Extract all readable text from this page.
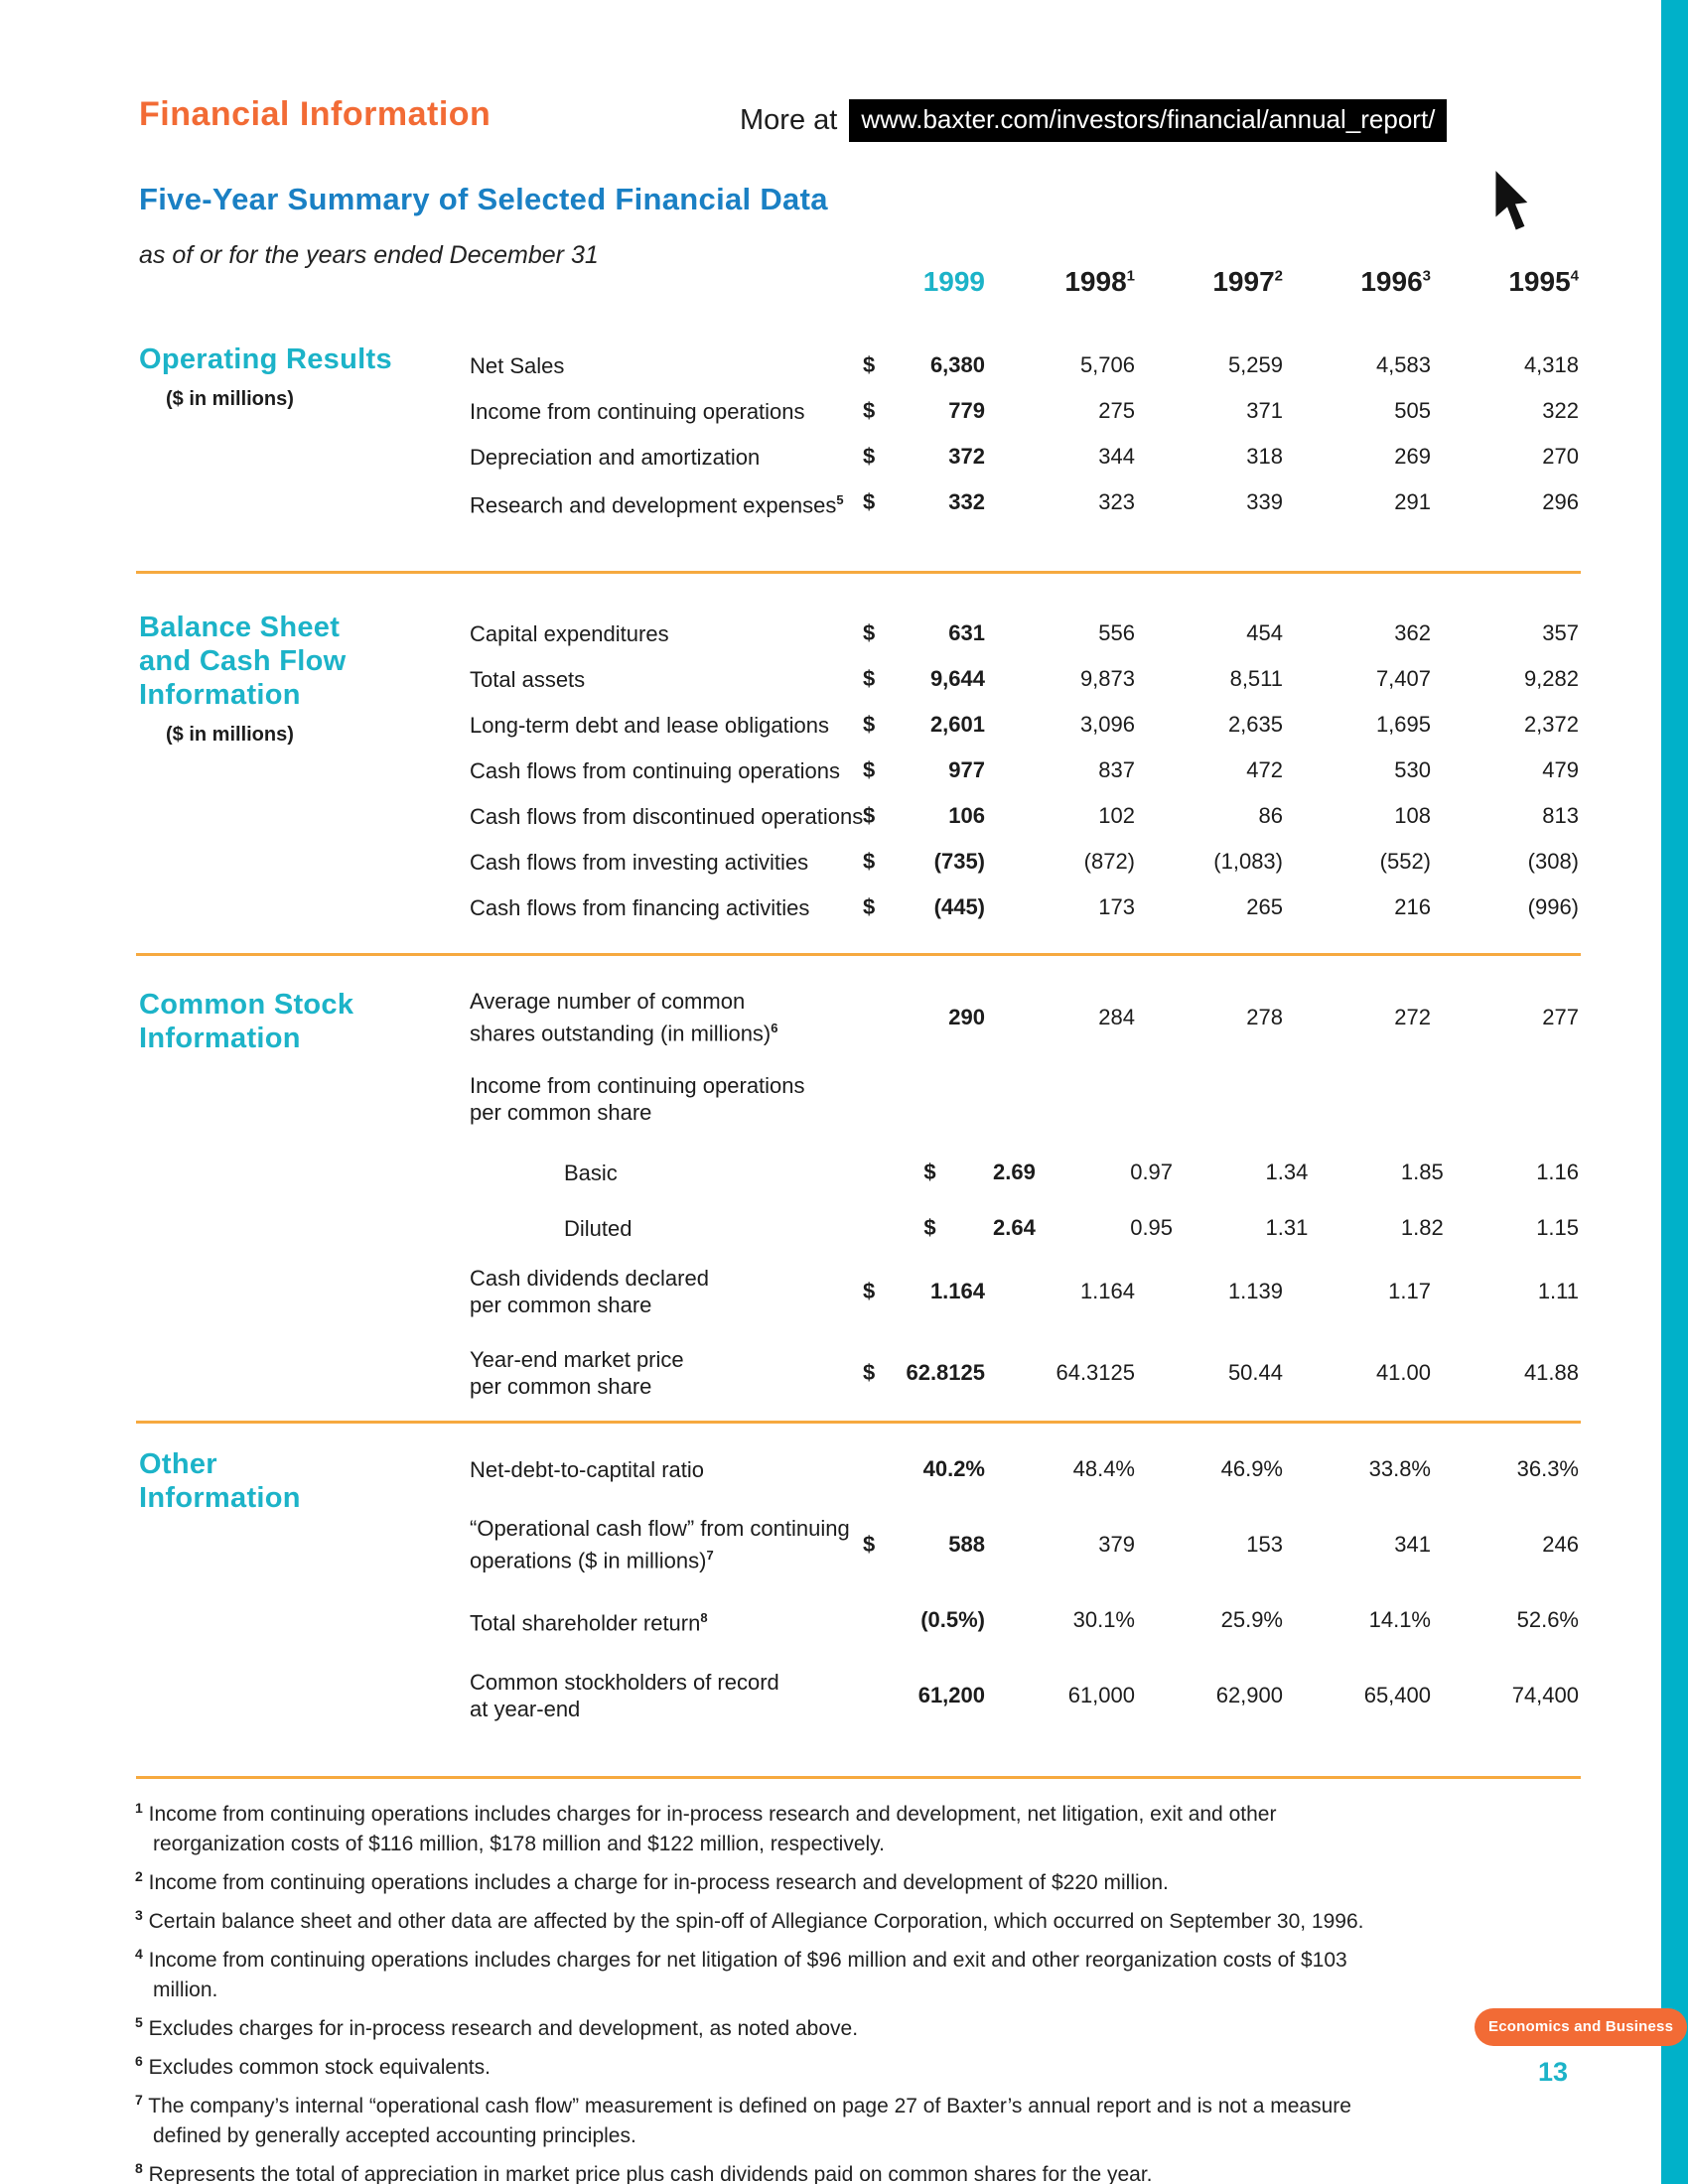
Financial Information	More at www.baxter.com/investors/financial/annual_report/
Five-Year Summary of Selected Financial Data
as of or for the years ended December 31
1999	1998$^1$	1997$^2$	1996$^3$	1995$^4$
Operating Results
($ in millions)
Net Sales	$	6,380	5,706	5,259	4,583	4,318
Income from continuing operations	$	779	275	371	505	322
Depreciation and amortization	$	372	344	318	269	270
Research and development expenses$^5$ $	332	323	339	291	296
Balance Sheet
and Cash Flow
Information
($ in millions)
Capital expenditures	$	631	556	454	362	357
Total assets	$	9,644	9,873	8,511	7,407	9,282
Long-term debt and lease obligations	$	2,601	3,096	2,635	1,695	2,372
Cash flows from continuing operations	$	977	837	472	530	479
Cash flows from discontinued operations $	106	102	86	108	813
Cash flows from investing activities	$	(735)	(872)	(1,083)	(552)	(308)
Cash flows from financing activities	$	(445)	173	265	216	(996)
Common Stock
Information
Average number of common
shares outstanding (in millions)$^6$	290	284	278	272	277
Income from continuing operations
per common share
Basic	$	2.69	0.97	1.34	1.85	1.16
Diluted	$	2.64	0.95	1.31	1.82	1.15
Cash dividends declared
per common share
$	1.164	1.164	1.139	1.17	1.11
Year-end market price
per common share
$	62.8125	64.3125	50.44	41.00	41.88
Other
Information
Net-debt-to-captital ratio	40.2%	48.4%	46.9%	33.8%	36.3%
“Operational cash flow” from continuing
operations ($ in millions)$^7$	$	588	379	153	341	246
Total shareholder return$^8$	(0.5%)	30.1%	25.9%	14.1%	52.6%
Common stockholders of record
at year-end
61,200	61,000	62,900	65,400	74,400
$^1$ Income from continuing operations includes charges for in-process research and development, net litigation, exit and other reorganization costs of $116 million, $178 million and $122 million, respectively.
$^2$ Income from continuing operations includes a charge for in-process research and development of $220 million.
$^3$ Certain balance sheet and other data are affected by the spin-off of Allegiance Corporation, which occurred on September 30, 1996.
$^4$ Income from continuing operations includes charges for net litigation of $96 million and exit and other reorganization costs of $103 million.
$^5$ Excludes charges for in-process research and development, as noted above.
$^6$ Excludes common stock equivalents.
$^7$ The company’s internal “operational cash flow” measurement is defined on page 27 of Baxter’s annual report and is not a measure defined by generally accepted accounting principles.
$^8$ Represents the total of appreciation in market price plus cash dividends paid on common shares for the year.
Economics and Business
13
